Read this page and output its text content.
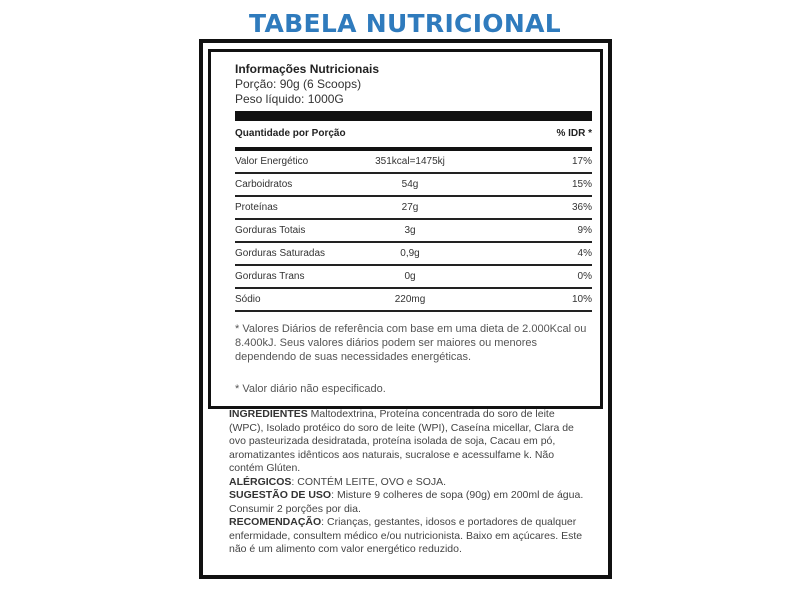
TABELA NUTRICIONAL
Informações Nutricionais
Porção: 90g (6 Scoops)
Peso líquido: 1000G
Quantidade por Porção	% IDR *
Valor Energético	351kcal=1475kj	17%
Carboidratos	54g	15%
Proteínas	27g	36%
Gorduras Totais	3g	9%
Gorduras Saturadas	0,9g	4%
Gorduras Trans	0g	0%
Sódio	220mg	10%
* Valores Diários de referência com base em uma dieta de 2.000Kcal ou 8.400kJ. Seus valores diários podem ser maiores ou menores dependendo de suas necessidades energéticas.
* Valor diário não especificado.

INGREDIENTES Maltodextrina, Proteína concentrada do soro de leite (WPC), Isolado protéico do soro de leite (WPI), Caseína micellar, Clara de ovo pasteurizada desidratada, proteína isolada de soja, Cacau em pó, aromatizantes idênticos aos naturais, sucralose e acessulfame k. Não contém Glúten.

ALÉRGICOS: CONTÉM LEITE, OVO e SOJA.

SUGESTÃO DE USO: Misture 9 colheres de sopa (90g) em 200ml de água. Consumir 2 porções por dia.

RECOMENDAÇÃO: Crianças, gestantes, idosos e portadores de qualquer enfermidade, consultem médico e/ou nutricionista. Baixo em açúcares. Este não é um alimento com valor energético reduzido.
